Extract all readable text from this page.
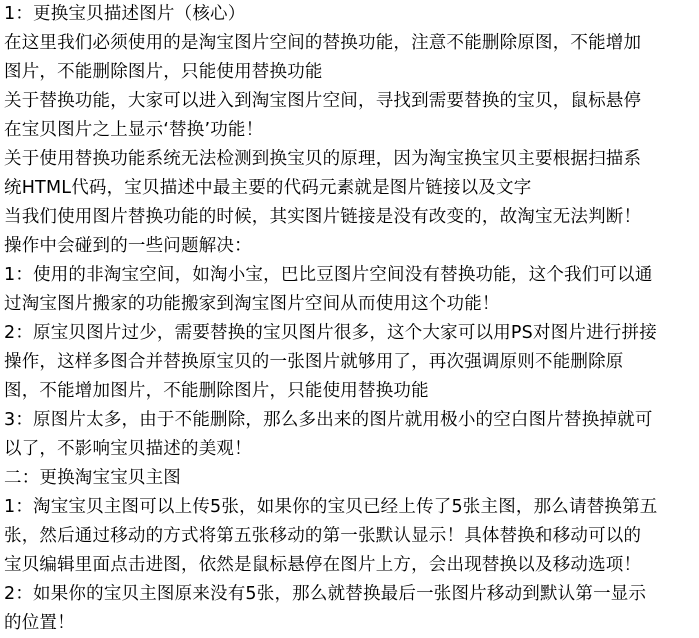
1：更换宝贝描述图片（核心）
在这里我们必须使用的是淘宝图片空间的替换功能，注意不能删除原图，不能增加
图片，不能删除图片，只能使用替换功能
关于替换功能，大家可以进入到淘宝图片空间，寻找到需要替换的宝贝，鼠标悬停
在宝贝图片之上显示‘替换’功能！
关于使用替换功能系统无法检测到换宝贝的原理，因为淘宝换宝贝主要根据扫描系
统HTML代码，宝贝描述中最主要的代码元素就是图片链接以及文字
当我们使用图片替换功能的时候，其实图片链接是没有改变的，故淘宝无法判断！
操作中会碰到的一些问题解决：
1：使用的非淘宝空间，如淘小宝，巴比豆图片空间没有替换功能，这个我们可以通
过淘宝图片搬家的功能搬家到淘宝图片空间从而使用这个功能！
2：原宝贝图片过少，需要替换的宝贝图片很多，这个大家可以用PS对图片进行拼接
操作，这样多图合并替换原宝贝的一张图片就够用了，再次强调原则不能删除原
图，不能增加图片，不能删除图片，只能使用替换功能
3：原图片太多，由于不能删除，那么多出来的图片就用极小的空白图片替换掉就可
以了，不影响宝贝描述的美观！
二：更换淘宝宝贝主图
1：淘宝宝贝主图可以上传5张，如果你的宝贝已经上传了5张主图，那么请替换第五
张，然后通过移动的方式将第五张移动的第一张默认显示！具体替换和移动可以的
宝贝编辑里面点击进图，依然是鼠标悬停在图片上方，会出现替换以及移动选项！
2：如果你的宝贝主图原来没有5张，那么就替换最后一张图片移动到默认第一显示
的位置！
